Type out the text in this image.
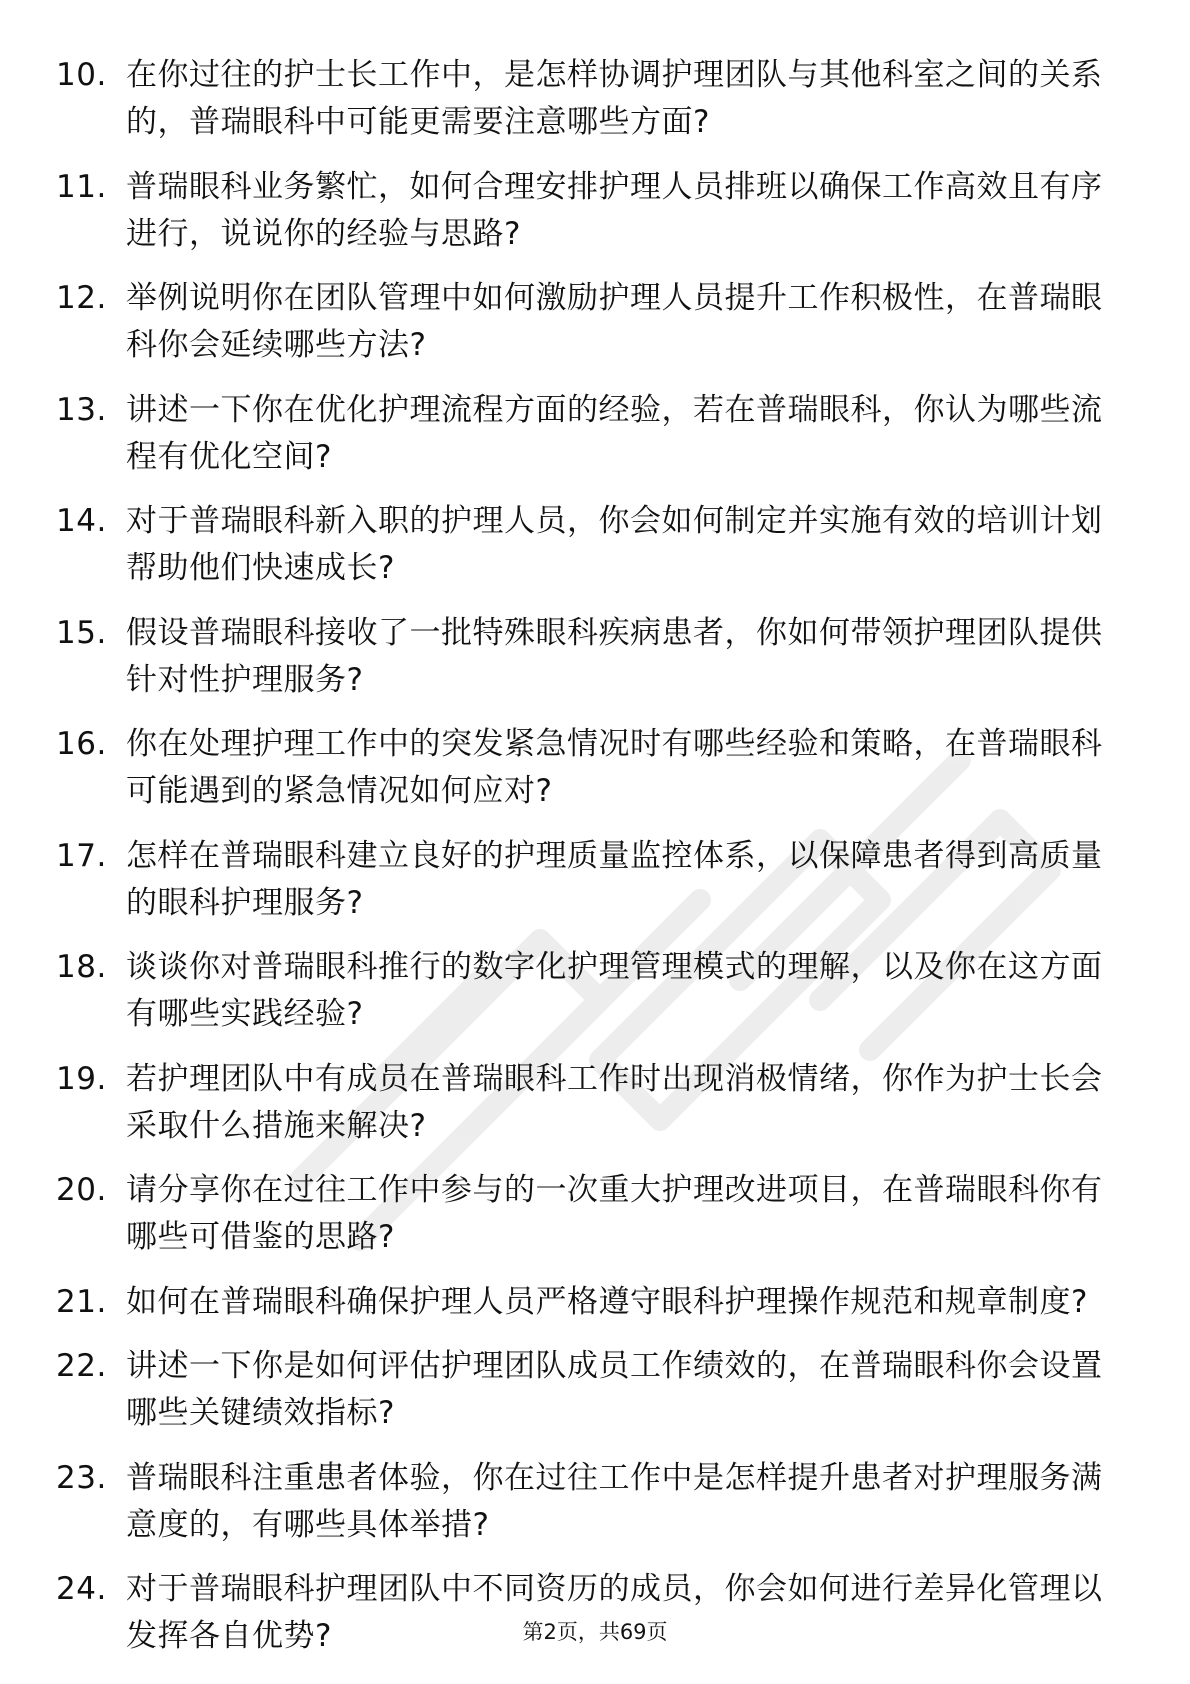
10. 在你过往的护士长工作中，是怎样协调护理团队与其他科室之间的关系的，普瑞眼科中可能更需要注意哪些方面?
11. 普瑞眼科业务繁忙，如何合理安排护理人员排班以确保工作高效且有序进行，说说你的经验与思路?
12. 举例说明你在团队管理中如何激励护理人员提升工作积极性，在普瑞眼科你会延续哪些方法?
13. 讲述一下你在优化护理流程方面的经验，若在普瑞眼科，你认为哪些流程有优化空间?
14. 对于普瑞眼科新入职的护理人员，你会如何制定并实施有效的培训计划帮助他们快速成长?
15. 假设普瑞眼科接收了一批特殊眼科疾病患者，你如何带领护理团队提供针对性护理服务?
16. 你在处理护理工作中的突发紧急情况时有哪些经验和策略，在普瑞眼科可能遇到的紧急情况如何应对?
17. 怎样在普瑞眼科建立良好的护理质量监控体系，以保障患者得到高质量的眼科护理服务?
18. 谈谈你对普瑞眼科推行的数字化护理管理模式的理解，以及你在这方面有哪些实践经验?
19. 若护理团队中有成员在普瑞眼科工作时出现消极情绪，你作为护士长会采取什么措施来解决?
20. 请分享你在过往工作中参与的一次重大护理改进项目，在普瑞眼科你有哪些可借鉴的思路?
21. 如何在普瑞眼科确保护理人员严格遵守眼科护理操作规范和规章制度?
22. 讲述一下你是如何评估护理团队成员工作绩效的，在普瑞眼科你会设置哪些关键绩效指标?
23. 普瑞眼科注重患者体验，你在过往工作中是怎样提升患者对护理服务满意度的，有哪些具体举措?
24. 对于普瑞眼科护理团队中不同资历的成员，你会如何进行差异化管理以发挥各自优势?	第2页，共69页
